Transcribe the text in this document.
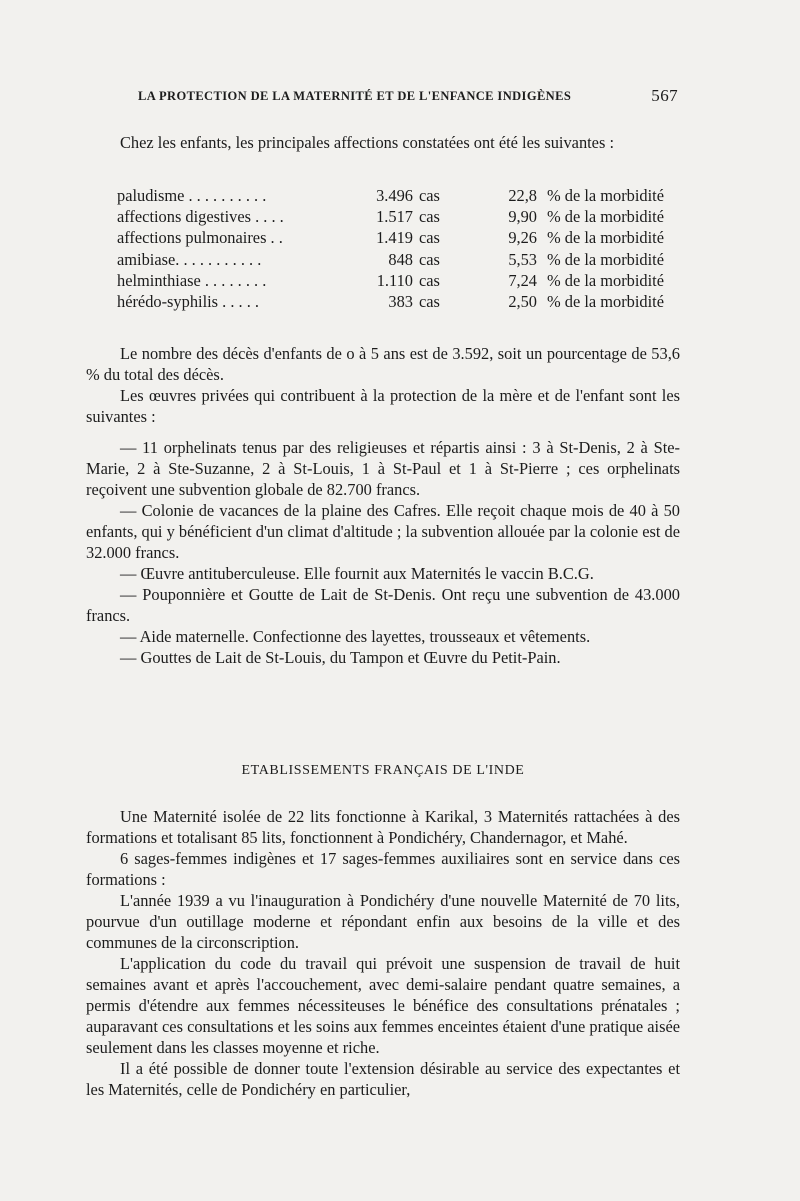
LA PROTECTION DE LA MATERNITÉ ET DE L'ENFANCE INDIGÈNES	567

Chez les enfants, les principales affections constatées ont été les suivantes :

paludisme . . . . . . . . . .	3.496 cas	22,8 % de la morbidité
affections digestives . . . .	1.517 cas	9,90 % de la morbidité
affections pulmonaires . .	1.419 cas	9,26 % de la morbidité
amibiase. . . . . . . . . . .	848 cas	5,53 % de la morbidité
helminthiase . . . . . . . .	1.110 cas	7,24 % de la morbidité
hérédo-syphilis . . . . .	383 cas	2,50 % de la morbidité

Le nombre des décès d'enfants de o à 5 ans est de 3.592, soit un pourcentage de 53,6 % du total des décès.

Les œuvres privées qui contribuent à la protection de la mère et de l'enfant sont les suivantes :

— 11 orphelinats tenus par des religieuses et répartis ainsi : 3 à St-Denis, 2 à Ste-Marie, 2 à Ste-Suzanne, 2 à St-Louis, 1 à St-Paul et 1 à St-Pierre ; ces orphelinats reçoivent une subvention globale de 82.700 francs.

— Colonie de vacances de la plaine des Cafres. Elle reçoit chaque mois de 40 à 50 enfants, qui y bénéficient d'un climat d'altitude ; la subvention allouée par la colonie est de 32.000 francs.

— Œuvre antituberculeuse. Elle fournit aux Maternités le vaccin B.C.G.

— Pouponnière et Goutte de Lait de St-Denis. Ont reçu une subvention de 43.000 francs.

— Aide maternelle. Confectionne des layettes, trousseaux et vêtements.

— Gouttes de Lait de St-Louis, du Tampon et Œuvre du Petit-Pain.

ETABLISSEMENTS FRANÇAIS DE L'INDE

Une Maternité isolée de 22 lits fonctionne à Karikal, 3 Maternités rattachées à des formations et totalisant 85 lits, fonctionnent à Pondichéry, Chandernagor, et Mahé.

6 sages-femmes indigènes et 17 sages-femmes auxiliaires sont en service dans ces formations :

L'année 1939 a vu l'inauguration à Pondichéry d'une nouvelle Maternité de 70 lits, pourvue d'un outillage moderne et répondant enfin aux besoins de la ville et des communes de la circonscription.

L'application du code du travail qui prévoit une suspension de travail de huit semaines avant et après l'accouchement, avec demi-salaire pendant quatre semaines, a permis d'étendre aux femmes nécessiteuses le bénéfice des consultations prénatales ; auparavant ces consultations et les soins aux femmes enceintes étaient d'une pratique aisée seulement dans les classes moyenne et riche.

Il a été possible de donner toute l'extension désirable au service des expectantes et les Maternités, celle de Pondichéry en particulier,
